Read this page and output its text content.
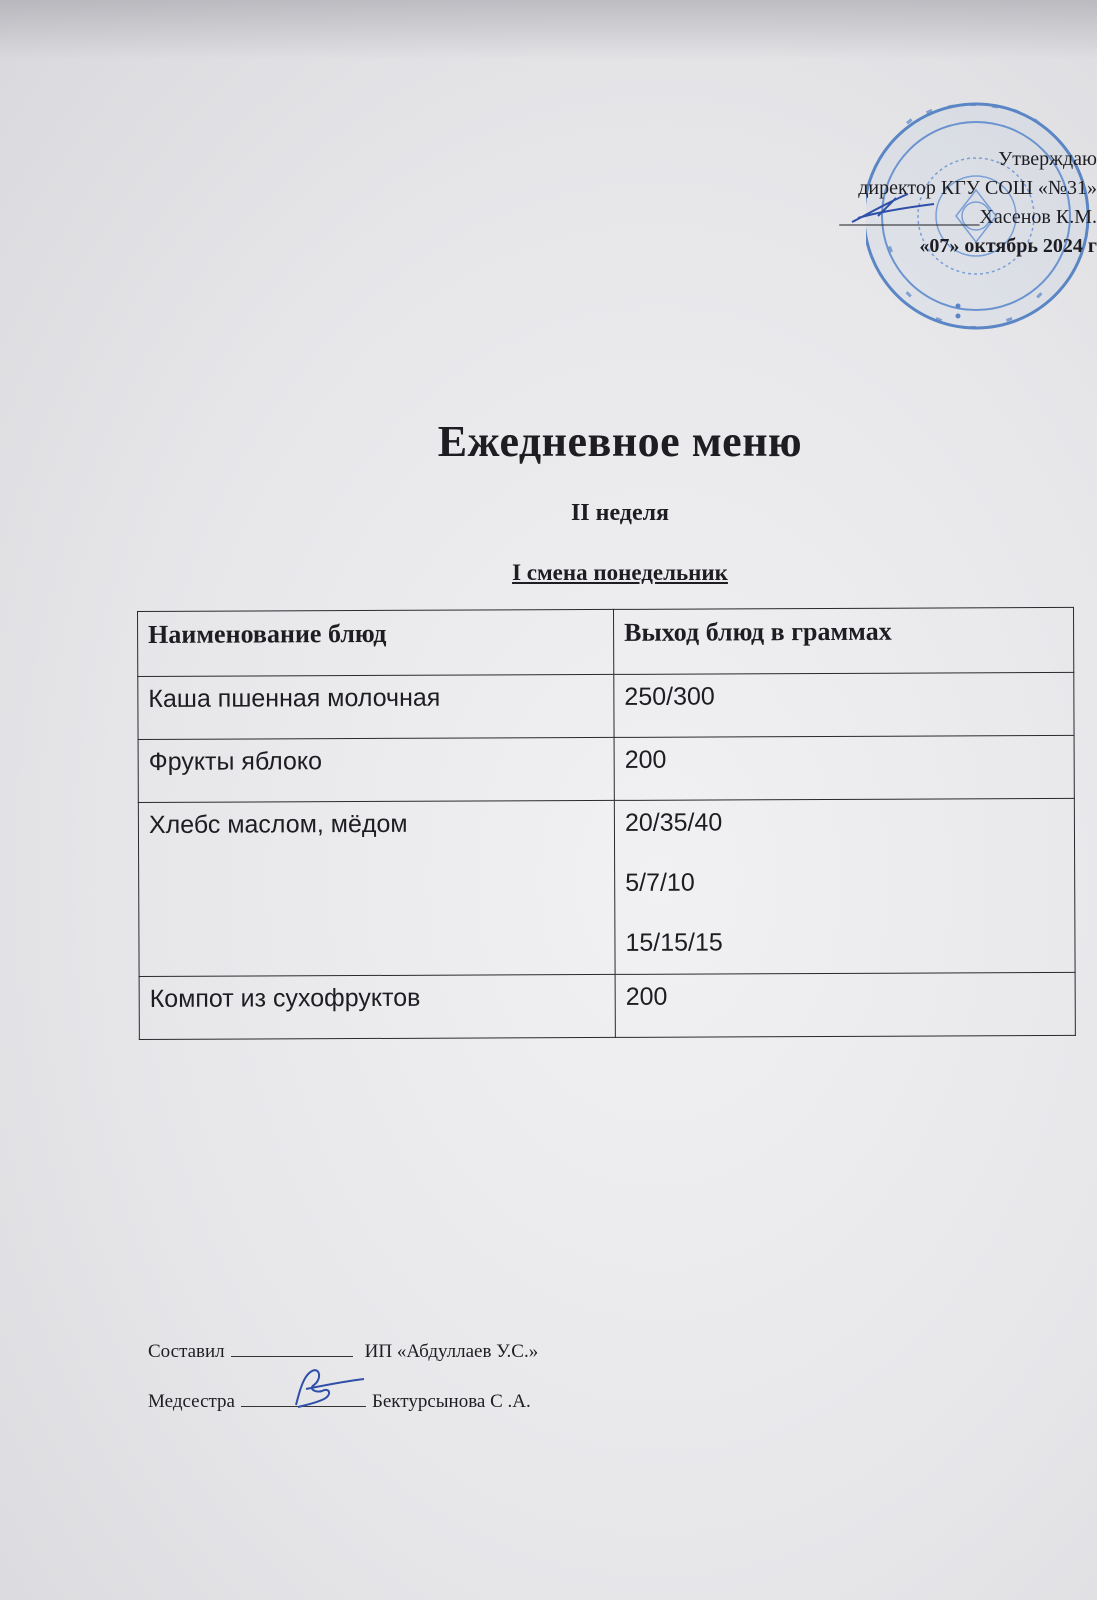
Утверждаю
директор КГУ СОШ «№31»
______________Хасенов К.М.
«07» октябрь 2024 г
Ежедневное меню
II неделя
I смена понедельник
Наименование блюд	Выход блюд в граммах
Каша пшенная молочная	250/300
Фрукты яблоко	200
Хлебс маслом, мёдом	20/35/40
5/7/10
15/15/15

Компот из сухофруктов	200
Составил	ИП «Абдуллаев У.С.»
Медсестра	Бектурсынова С .А.
